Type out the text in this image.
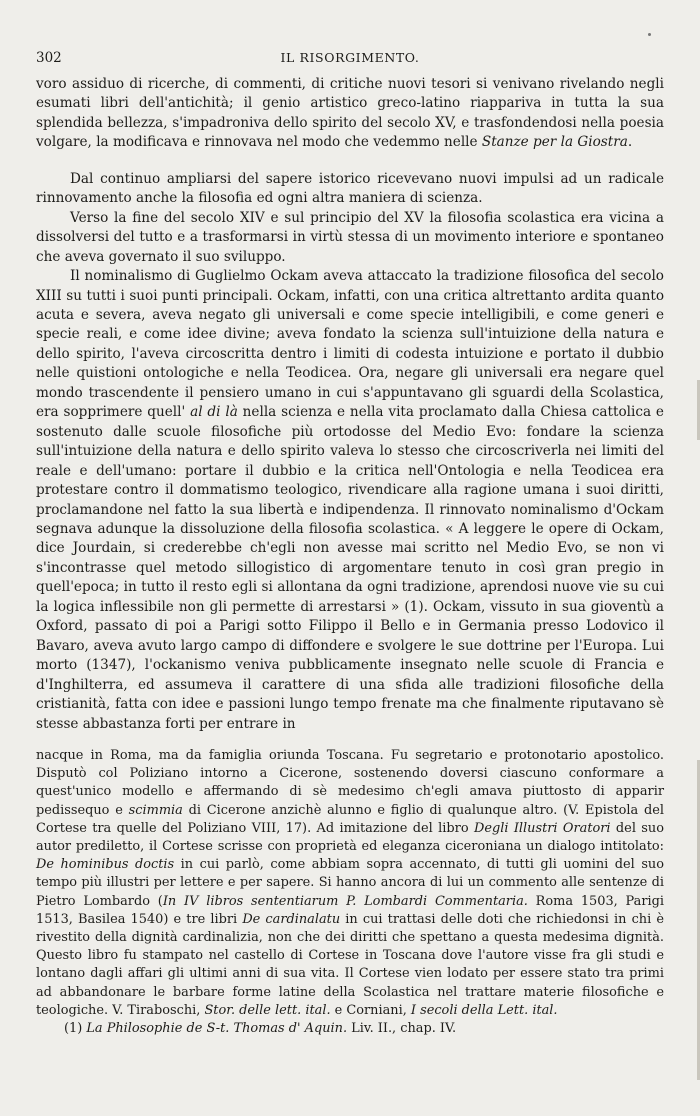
302	IL RISORGIMENTO.

voro assiduo di ricerche, di commenti, di critiche nuovi tesori si venivano rivelando negli esumati libri dell'antichità; il genio artistico greco-latino riappariva in tutta la sua splendida bellezza, s'impadroniva dello spirito del secolo XV, e trasfondendosi nella poesia volgare, la modificava e rinnovava nel modo che vedemmo nelle Stanze per la Giostra.

Dal continuo ampliarsi del sapere istorico ricevevano nuovi impulsi ad un radicale rinnovamento anche la filosofia ed ogni altra maniera di scienza.

Verso la fine del secolo XIV e sul principio del XV la filosofia scolastica era vicina a dissolversi del tutto e a trasformarsi in virtù stessa di un movimento interiore e spontaneo che aveva governato il suo sviluppo.

Il nominalismo di Guglielmo Ockam aveva attaccato la tradizione filosofica del secolo XIII su tutti i suoi punti principali. Ockam, infatti, con una critica altrettanto ardita quanto acuta e severa, aveva negato gli universali e come specie intelligibili, e come generi e specie reali, e come idee divine; aveva fondato la scienza sull'intuizione della natura e dello spirito, l'aveva circoscritta dentro i limiti di codesta intuizione e portato il dubbio nelle quistioni ontologiche e nella Teodicea. Ora, negare gli universali era negare quel mondo trascendente il pensiero umano in cui s'appuntavano gli sguardi della Scolastica, era sopprimere quell' al di là nella scienza e nella vita proclamato dalla Chiesa cattolica e sostenuto dalle scuole filosofiche più ortodosse del Medio Evo: fondare la scienza sull'intuizione della natura e dello spirito valeva lo stesso che circoscriverla nei limiti del reale e dell'umano: portare il dubbio e la critica nell'Ontologia e nella Teodicea era protestare contro il dommatismo teologico, rivendicare alla ragione umana i suoi diritti, proclamandone nel fatto la sua libertà e indipendenza. Il rinnovato nominalismo d'Ockam segnava adunque la dissoluzione della filosofia scolastica. « A leggere le opere di Ockam, dice Jourdain, si crederebbe ch'egli non avesse mai scritto nel Medio Evo, se non vi s'incontrasse quel metodo sillogistico di argomentare tenuto in così gran pregio in quell'epoca; in tutto il resto egli si allontana da ogni tradizione, aprendosi nuove vie su cui la logica inflessibile non gli permette di arrestarsi » (1). Ockam, vissuto in sua gioventù a Oxford, passato di poi a Parigi sotto Filippo il Bello e in Germania presso Lodovico il Bavaro, aveva avuto largo campo di diffondere e svolgere le sue dottrine per l'Europa. Lui morto (1347), l'ockanismo veniva pubblicamente insegnato nelle scuole di Francia e d'Inghilterra, ed assumeva il carattere di una sfida alle tradizioni filosofiche della cristianità, fatta con idee e passioni lungo tempo frenate ma che finalmente riputavano sè stesse abbastanza forti per entrare in

nacque in Roma, ma da famiglia oriunda Toscana. Fu segretario e protonotario apostolico. Disputò col Poliziano intorno a Cicerone, sostenendo doversi ciascuno conformare a quest'unico modello e affermando di sè medesimo ch'egli amava piuttosto di apparir pedissequo e scimmia di Cicerone anzichè alunno e figlio di qualunque altro. (V. Epistola del Cortese tra quelle del Poliziano VIII, 17). Ad imitazione del libro Degli Illustri Oratori del suo autor prediletto, il Cortese scrisse con proprietà ed eleganza ciceroniana un dialogo intitolato: De hominibus doctis in cui parlò, come abbiam sopra accennato, di tutti gli uomini del suo tempo più illustri per lettere e per sapere. Si hanno ancora di lui un commento alle sentenze di Pietro Lombardo (In IV libros sententiarum P. Lombardi Commentaria. Roma 1503, Parigi 1513, Basilea 1540) e tre libri De cardinalatu in cui trattasi delle doti che richiedonsi in chi è rivestito della dignità cardinalizia, non che dei diritti che spettano a questa medesima dignità. Questo libro fu stampato nel castello di Cortese in Toscana dove l'autore visse fra gli studi e lontano dagli affari gli ultimi anni di sua vita. Il Cortese vien lodato per essere stato tra primi ad abbandonare le barbare forme latine della Scolastica nel trattare materie filosofiche e teologiche. V. Tiraboschi, Stor. delle lett. ital. e Corniani, I secoli della Lett. ital.

(1) La Philosophie de S-t. Thomas d' Aquin. Liv. II., chap. IV.
